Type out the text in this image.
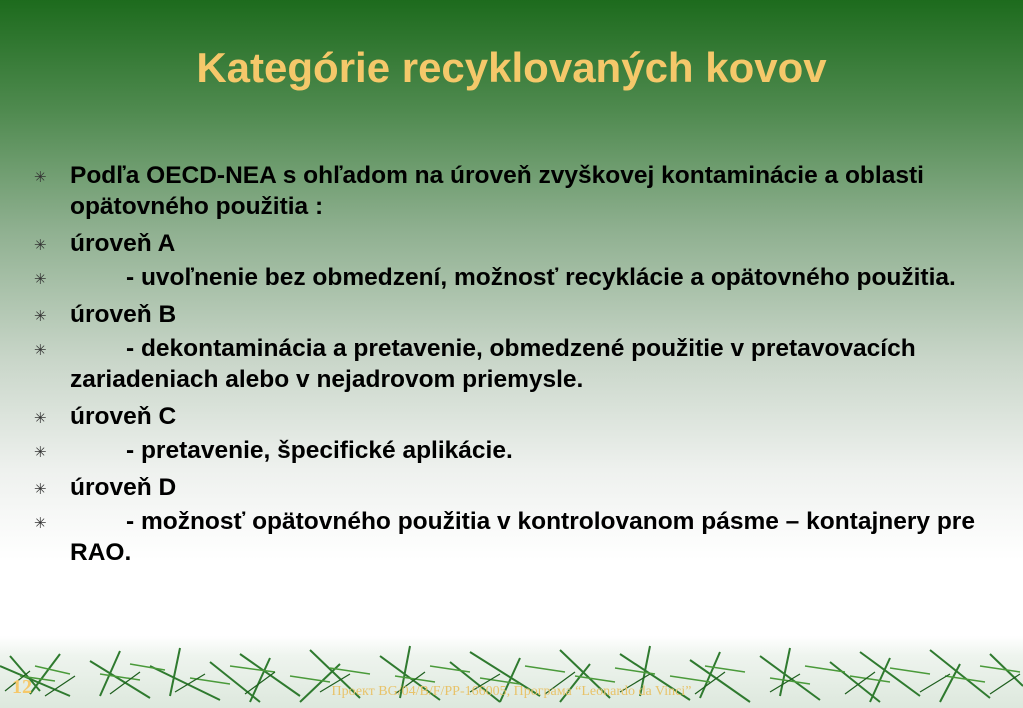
Kategórie recyklovaných kovov
✳ Podľa OECD-NEA s ohľadom na úroveň zvyškovej kontaminácie a oblasti opätovného použitia :
✳ úroveň A
✳	- uvoľnenie bez obmedzení, možnosť recyklácie a opätovného použitia.
✳ úroveň B
✳	- dekontaminácia a pretavenie, obmedzené použitie v pretavovacích zariadeniach alebo v nejadrovom priemysle.
✳ úroveň C
✳	- pretavenie, špecifické aplikácie.
✳ úroveň D
✳	- možnosť opätovného použitia v kontrolovanom pásme – kontajnery pre RAO.
12	Проект BG/04/B/F/PP-166005, Програма “Leonardo da Vinci”
